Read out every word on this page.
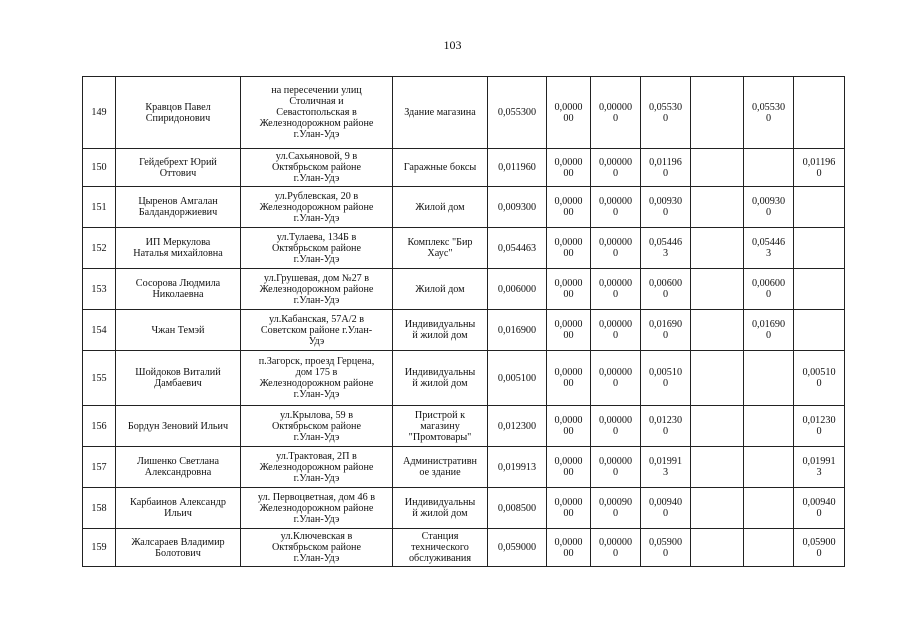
103
149	Кравцов Павел
Спиридонович	на пересечении улиц
Столичная и
Севастопольская в
Железнодорожном районе
г.Улан-Удэ	Здание магазина	0,055300	0,0000
00	0,00000
0	0,05530
0		0,05530
0	

150	Гейдебрехт Юрий
Оттович	ул.Сахьяновой, 9 в
Октябрьском районе
г.Улан-Удэ	Гаражные боксы	0,011960	0,0000
00	0,00000
0	0,01196
0			0,01196
0

151	Цыренов Амгалан
Балдандоржиевич	ул.Рублевская, 20 в
Железнодорожном районе
г.Улан-Удэ	Жилой дом	0,009300	0,0000
00	0,00000
0	0,00930
0		0,00930
0	

152	ИП Меркулова
Наталья михайловна	ул.Тулаева, 134Б в
Октябрьском районе
г.Улан-Удэ	Комплекс "Бир
Хаус"	0,054463	0,0000
00	0,00000
0	0,05446
3		0,05446
3	

153	Сосорова Людмила
Николаевна	ул.Грушевая, дом №27 в
Железнодорожном районе
г.Улан-Удэ	Жилой дом	0,006000	0,0000
00	0,00000
0	0,00600
0		0,00600
0	

154	Чжан Темэй	ул.Кабанская, 57А/2 в
Советском районе г.Улан-
Удэ	Индивидуальны
й жилой дом	0,016900	0,0000
00	0,00000
0	0,01690
0		0,01690
0	

155	Шойдоков Виталий
Дамбаевич	п.Загорск, проезд Герцена,
дом 175 в
Железнодорожном районе
г.Улан-Удэ	Индивидуальны
й жилой дом	0,005100	0,0000
00	0,00000
0	0,00510
0			0,00510
0

156	Бордун Зеновий Ильич	ул.Крылова, 59 в
Октябрьском районе
г.Улан-Удэ	Пристрой к
магазину
"Промтовары"	0,012300	0,0000
00	0,00000
0	0,01230
0			0,01230
0

157	Лишенко Светлана
Александровна	ул.Трактовая, 2П в
Железнодорожном районе
г.Улан-Удэ	Административн
ое здание	0,019913	0,0000
00	0,00000
0	0,01991
3			0,01991
3

158	Карбаинов Александр
Ильич	ул. Первоцветная, дом 46 в
Железнодорожном районе
г.Улан-Удэ	Индивидуальны
й жилой дом	0,008500	0,0000
00	0,00090
0	0,00940
0			0,00940
0

159	Жалсараев Владимир
Болотович	ул.Ключевская в
Октябрьском районе
г.Улан-Удэ	Станция
технического
обслуживания	0,059000	0,0000
00	0,00000
0	0,05900
0			0,05900
0
